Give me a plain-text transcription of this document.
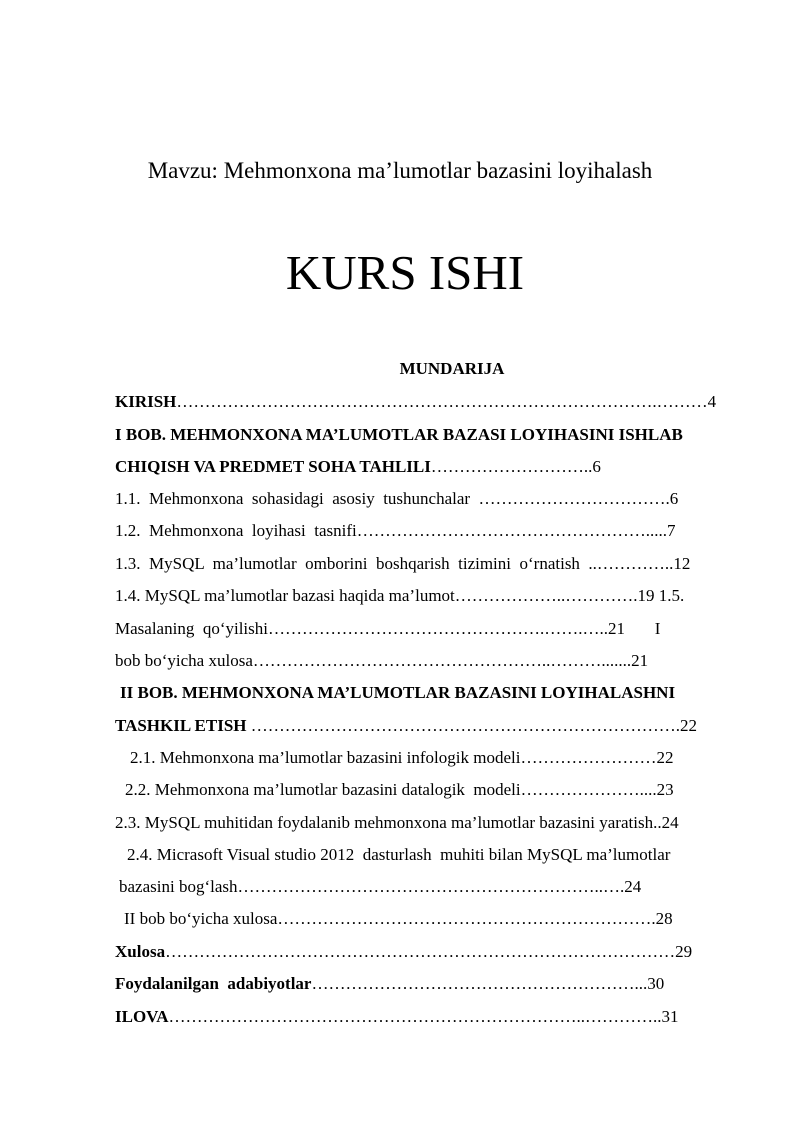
Mavzu: Mehmonxona ma’lumotlar bazasini loyihalash
KURS ISHI
MUNDARIJA
KIRISH………………………………………………………………………….………4
I BOB. MEHMONXONA MA’LUMOTLAR BAZASI LOYIHASINI ISHLAB
CHIQISH VA PREDMET SOHA TAHLILI………………………..6
1.1.  Mehmonxona  sohasidagi  asosiy  tushunchalar  …………………………….6
1.2.  Mehmonxona  loyihasi  tasnifi…………………………………………….....7
1.3.  MySQL  ma’lumotlar  omborini  boshqarish  tizimini  o‘rnatish  ..…………..12
1.4. MySQL ma’lumotlar bazasi haqida ma’lumot………………..………….19 1.5.
Masalaning  qo‘yilishi………………………………………….…….…..21       I
bob bo‘yicha xulosa……………………………………………..……….......21
II BOB. MEHMONXONA MA’LUMOTLAR BAZASINI LOYIHALASHNI
TASHKIL ETISH ………………………………………………………………….22
2.1. Mehmonxona ma’lumotlar bazasini infologik modeli……………………22
2.2. Mehmonxona ma’lumotlar bazasini datalogik  modeli…………………....23
2.3. MySQL muhitidan foydalanib mehmonxona ma’lumotlar bazasini yaratish..24
2.4. Micrasoft Visual studio 2012  dasturlash  muhiti bilan MySQL ma’lumotlar
bazasini bog‘lash………………………………………………………..….24
II bob bo‘yicha xulosa………………………………………………………….28
Xulosa………………………………………………………………………………29
Foydalanilgan  adabiyotlar…………………………………………………...30
ILOVA………………………………………………………………..…………..31
